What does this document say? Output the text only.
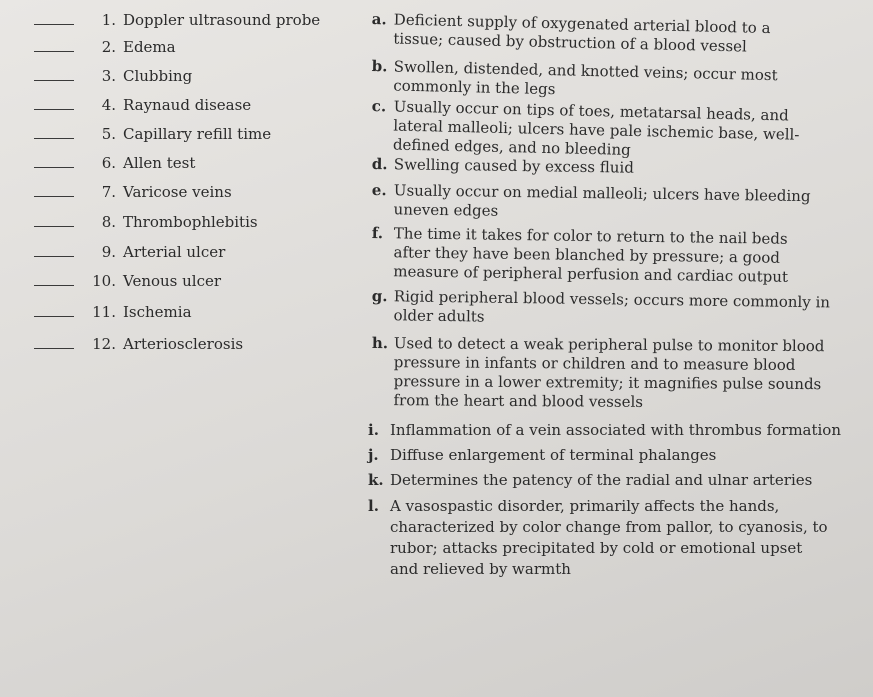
1. Doppler ultrasound probe
2. Edema
3. Clubbing
4. Raynaud disease
5. Capillary refill time
6. Allen test
7. Varicose veins
8. Thrombophlebitis
9. Arterial ulcer
10. Venous ulcer
11. Ischemia
12. Arteriosclerosis
a. Deficient supply of oxygenated arterial blood to a tissue; caused by obstruction of a blood vessel
b. Swollen, distended, and knotted veins; occur most commonly in the legs
c. Usually occur on tips of toes, metatarsal heads, and lateral malleoli; ulcers have pale ischemic base, well-defined edges, and no bleeding
d. Swelling caused by excess fluid
e. Usually occur on medial malleoli; ulcers have bleeding uneven edges
f. The time it takes for color to return to the nail beds after they have been blanched by pressure; a good measure of peripheral perfusion and cardiac output
g. Rigid peripheral blood vessels; occurs more commonly in older adults
h. Used to detect a weak peripheral pulse to monitor blood pressure in infants or children and to measure blood pressure in a lower extremity; it magnifies pulse sounds from the heart and blood vessels
i. Inflammation of a vein associated with thrombus formation
j. Diffuse enlargement of terminal phalanges
k. Determines the patency of the radial and ulnar arteries
l. A vasospastic disorder, primarily affects the hands, characterized by color change from pallor, to cyanosis, to rubor; attacks precipitated by cold or emotional upset and relieved by warmth
